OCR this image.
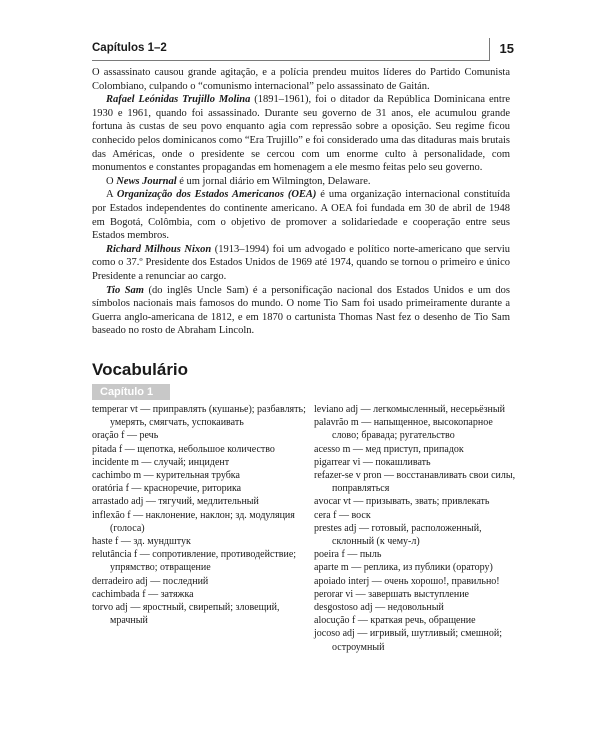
Capítulos 1–2	15

O assassinato causou grande agitação, e a polícia prendeu muitos líderes do Partido Comunista Colombiano, culpando o “comunismo internacional” pelo assassinato de Gaitán.

Rafael Leónidas Trujillo Molina (1891–1961), foi o ditador da República Dominicana entre 1930 e 1961, quando foi assassinado. Durante seu governo de 31 anos, ele acumulou grande fortuna às custas de seu povo enquanto agia com repressão sobre a oposição. Seu regime ficou conhecido pelos dominicanos como “Era Trujillo” e foi considerado uma das ditaduras mais brutais das Américas, onde o presidente se cercou com um enorme culto à personalidade, com monumentos e constantes propagandas em homenagem a ele mesmo feitas pelo seu governo.

O News Journal é um jornal diário em Wilmington, Delaware.

A Organização dos Estados Americanos (OEA) é uma organização internacional constituída por Estados independentes do continente americano. A OEA foi fundada em 30 de abril de 1948 em Bogotá, Colômbia, com o objetivo de promover a solidariedade e cooperação entre seus Estados membros.

Richard Milhous Nixon (1913–1994) foi um advogado e político norte-americano que serviu como o 37.º Presidente dos Estados Unidos de 1969 até 1974, quando se tornou o primeiro e único Presidente a renunciar ao cargo.

Tio Sam (do inglês Uncle Sam) é a personificação nacional dos Estados Unidos e um dos símbolos nacionais mais famosos do mundo. O nome Tio Sam foi usado primeiramente durante a Guerra anglo-americana de 1812, e em 1870 o cartunista Thomas Nast fez o desenho de Tio Sam baseado no rosto de Abraham Lincoln.

Vocabulário
Capítulo 1
temperar vt — приправлять (кушанье); разбавлять; умерять, смягчать, успокаивать
oração f — речь
pitada f — щепотка, небольшое количество
incidente m — случай; инцидент
cachimbo m — курительная трубка
oratória f — красноречие, риторика
arrastado adj — тягучий, медлительный
inflexão f — наклонение, наклон; зд. модуляция (голоса)
haste f — зд. мундштук
relutância f — сопротивление, противодействие; упрямство; отвращение
derradeiro adj — последний
cachimbada f — затяжка
torvo adj — яростный, свирепый; зловещий, мрачный
leviano adj — легкомысленный, несерьёзный
palavrão m — напыщенное, высокопарное слово; бравада; ругательство
acesso m — мед приступ, припадок
pigarrear vi — покашливать
refazer-se v pron — восстанавливать свои силы, поправляться
avocar vt — призывать, звать; привлекать
cera f — воск
prestes adj — готовый, расположенный, склонный (к чему-л)
poeira f — пыль
aparte m — реплика, из публики (оратору)
apoiado interj — очень хорошо!, правильно!
perorar vi — завершать выступление
desgostoso adj — недовольный
alocução f — краткая речь, обращение
jocoso adj — игривый, шутливый; смешной; остроумный
